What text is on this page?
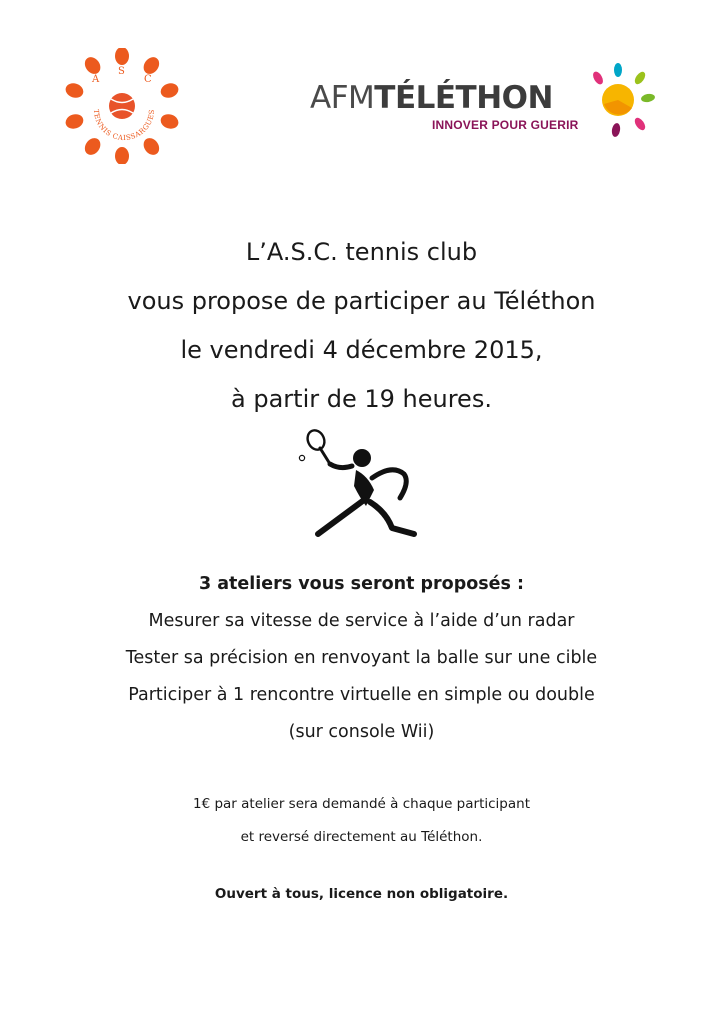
A
S
C
TENNIS CAISSARGUES	AFMTÉLÉTHON
INNOVER POUR GUERIR
L’A.S.C. tennis club
vous propose de participer au Téléthon
le vendredi 4 décembre 2015,
à partir de 19 heures.
3 ateliers vous seront proposés :
Mesurer sa vitesse de service à l’aide d’un radar
Tester sa précision en renvoyant la balle sur une cible
Participer à 1 rencontre virtuelle en simple ou double
(sur console Wii)
1€ par atelier sera demandé à chaque participant
et reversé directement au Téléthon.
Ouvert à tous, licence non obligatoire.
